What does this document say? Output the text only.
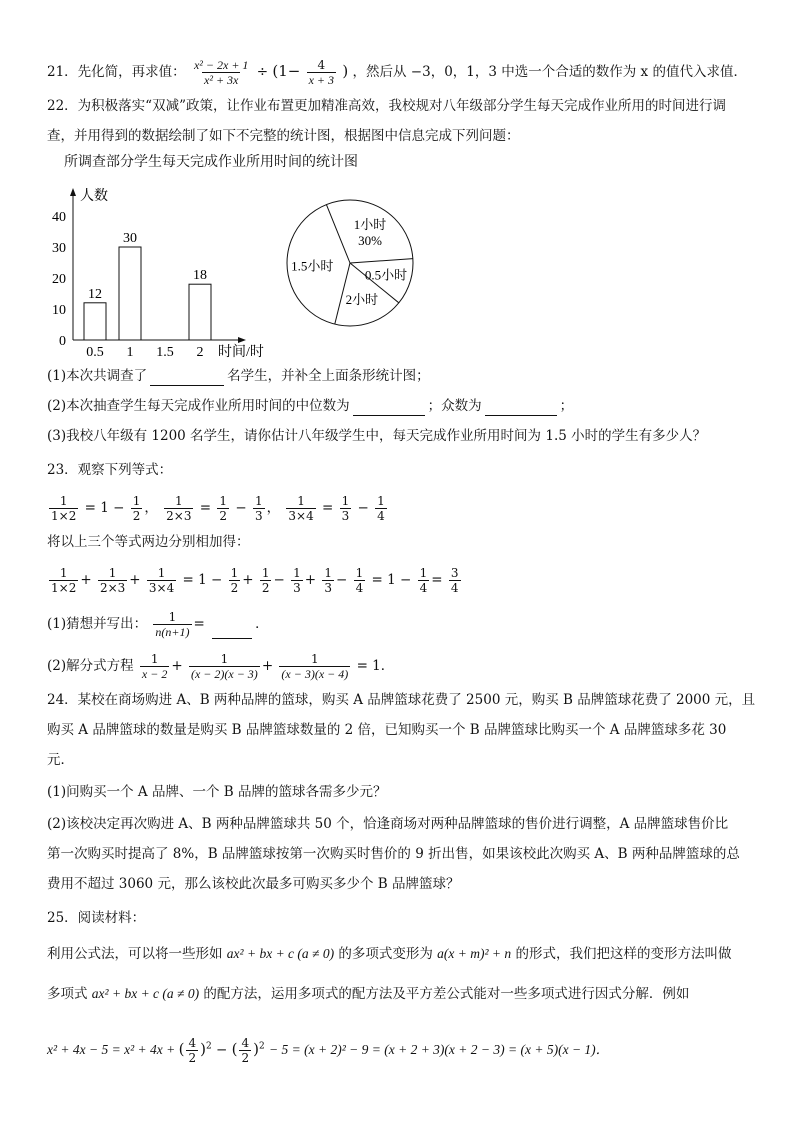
21．先化简，再求值： $\frac{\text{x² − 2x + 1}}{\text{x² + 3x}} \div (1- \frac{4}{x + 3}$ ) ，然后从 −3，0，1，3 中选一个合适的数作为 x 的值代入求值．
22．为积极落实“双减”政策，让作业布置更加精准高效，我校规对八年级部分学生每天完成作业所用的时间进行调
查，并用得到的数据绘制了如下不完整的统计图，根据图中信息完成下列问题：
所调查部分学生每天完成作业所用时间的统计图
人数
时间/时
0
10
20
30
40
12
30
18
0.5 1 1.5 2
1小时
30%
0.5小时
2小时
1.5小时
(1)本次共调查了	名学生，并补全上面条形统计图；
(2)本次抽查学生每天完成作业所用时间的中位数为	；众数为	；
(3)我校八年级有 1200 名学生，请你估计八年级学生中，每天完成作业所用时间为 1.5 小时的学生有多少人？
23．观察下列等式：
$\frac{1}{1\times 2} = 1 - \frac{1}{2}$ ， $\frac{1}{2\times 3} = \frac{1}{2} - \frac{1}{3}$ ， $\frac{1}{3\times 4} = \frac{1}{3} - \frac{1}{4}$
将以上三个等式两边分别相加得：
$\frac{1}{1\times 2} + \frac{1}{2\times 3} + \frac{1}{3\times 4} = 1 - \frac{1}{2} + \frac{1}{2} - \frac{1}{3} + \frac{1}{3} - \frac{1}{4} = 1 - \frac{1}{4} = \frac{3}{4}$
(1)猜想并写出： $\frac{1}{n(n+1)}$ =	．
(2)解分式方程 $\frac{1}{x - 2} + \frac{1}{(x - 2)(x - 3)} + \frac{1}{(x - 3)(x - 4)} = 1$．
24．某校在商场购进 A、B 两种品牌的篮球，购买 A 品牌篮球花费了 2500 元，购买 B 品牌篮球花费了 2000 元，且
购买 A 品牌篮球的数量是购买 B 品牌篮球数量的 2 倍，已知购买一个 B 品牌篮球比购买一个 A 品牌篮球多花 30
元．
(1)问购买一个 A 品牌、一个 B 品牌的篮球各需多少元？
(2)该校决定再次购进 A、B 两种品牌篮球共 50 个，恰逢商场对两种品牌篮球的售价进行调整，A 品牌篮球售价比
第一次购买时提高了 8%，B 品牌篮球按第一次购买时售价的 9 折出售，如果该校此次购买 A、B 两种品牌篮球的总
费用不超过 3060 元，那么该校此次最多可购买多少个 B 品牌篮球？
25．阅读材料：
利用公式法，可以将一些形如 ax² + bx + c (a ≠ 0) 的多项式变形为 a(x + m)² + n 的形式，我们把这样的变形方法叫做
多项式 ax² + bx + c (a ≠ 0) 的配方法，运用多项式的配方法及平方差公式能对一些多项式进行因式分解．例如
x² + 4x − 5 = x² + 4x + ( $\frac{4}{2} )^2$ − ( $\frac{4}{2} )^2 - 5 = (x + 2)^2 - 9 = (x + 2 + 3)(x + 2 - 3) = (x + 5)(x - 1)$．
